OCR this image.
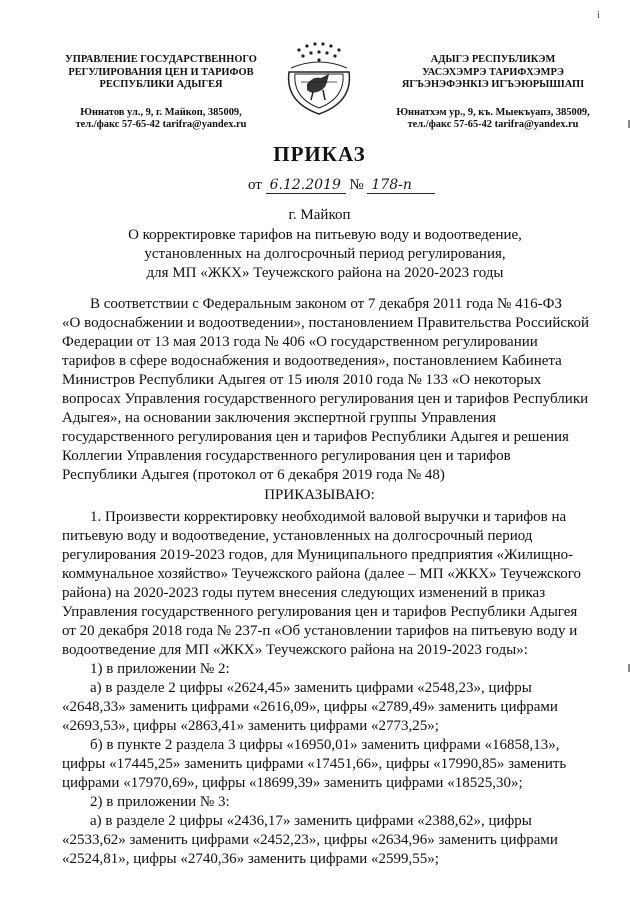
УПРАВЛЕНИЕ ГОСУДАРСТВЕННОГО
РЕГУЛИРОВАНИЯ ЦЕН И ТАРИФОВ
РЕСПУБЛИКИ АДЫГЕЯ
Юннатов ул., 9, г. Майкоп, 385009,
тел./факс 57-65-42 tarifra@yandex.ru
АДЫГЭ РЕСПУБЛИКЭМ
УАСЭХЭМРЭ ТАРИФХЭМРЭ
ЯГЪЭНЭФЭНКІЭ ИГЪЭЮРЫШІАПІ
Юннатхэм ур., 9, къ. Мыекъуапэ, 385009,
тел./факс 57-65-42 tarifra@yandex.ru
і
ПРИКАЗ
от 6.12.2019 № 178-п
г. Майкоп
О корректировке тарифов на питьевую воду и водоотведение,
установленных на долгосрочный период регулирования,
для МП «ЖКХ» Теучежского района на 2020-2023 годы
В соответствии с Федеральным законом от 7 декабря 2011 года № 416-ФЗ
«О водоснабжении и водоотведении», постановлением Правительства Российской
Федерации от 13 мая 2013 года № 406 «О государственном регулировании
тарифов в сфере водоснабжения и водоотведения», постановлением Кабинета
Министров Республики Адыгея от 15 июля 2010 года № 133 «О некоторых
вопросах Управления государственного регулирования цен и тарифов Республики
Адыгея», на основании заключения экспертной группы Управления
государственного регулирования цен и тарифов Республики Адыгея и решения
Коллегии Управления государственного регулирования цен и тарифов
Республики Адыгея (протокол от 6 декабря 2019 года № 48)
ПРИКАЗЫВАЮ:
1. Произвести корректировку необходимой валовой выручки и тарифов на
питьевую воду и водоотведение, установленных на долгосрочный период
регулирования 2019-2023 годов, для Муниципального предприятия «Жилищно-
коммунальное хозяйство» Теучежского района (далее – МП «ЖКХ» Теучежского
района) на 2020-2023 годы путем внесения следующих изменений в приказ
Управления государственного регулирования цен и тарифов Республики Адыгея
от 20 декабря 2018 года № 237-п «Об установлении тарифов на питьевую воду и
водоотведение для МП «ЖКХ» Теучежского района на 2019-2023 годы»:
1) в приложении № 2:
а) в разделе 2 цифры «2624,45» заменить цифрами «2548,23», цифры
«2648,33» заменить цифрами «2616,09», цифры «2789,49» заменить цифрами
«2693,53», цифры «2863,41» заменить цифрами «2773,25»;
б) в пункте 2 раздела 3 цифры «16950,01» заменить цифрами «16858,13»,
цифры «17445,25» заменить цифрами «17451,66», цифры «17990,85» заменить
цифрами «17970,69», цифры «18699,39» заменить цифрами «18525,30»;
2) в приложении № 3:
а) в разделе 2 цифры «2436,17» заменить цифрами «2388,62», цифры
«2533,62» заменить цифрами «2452,23», цифры «2634,96» заменить цифрами
«2524,81», цифры «2740,36» заменить цифрами «2599,55»;
